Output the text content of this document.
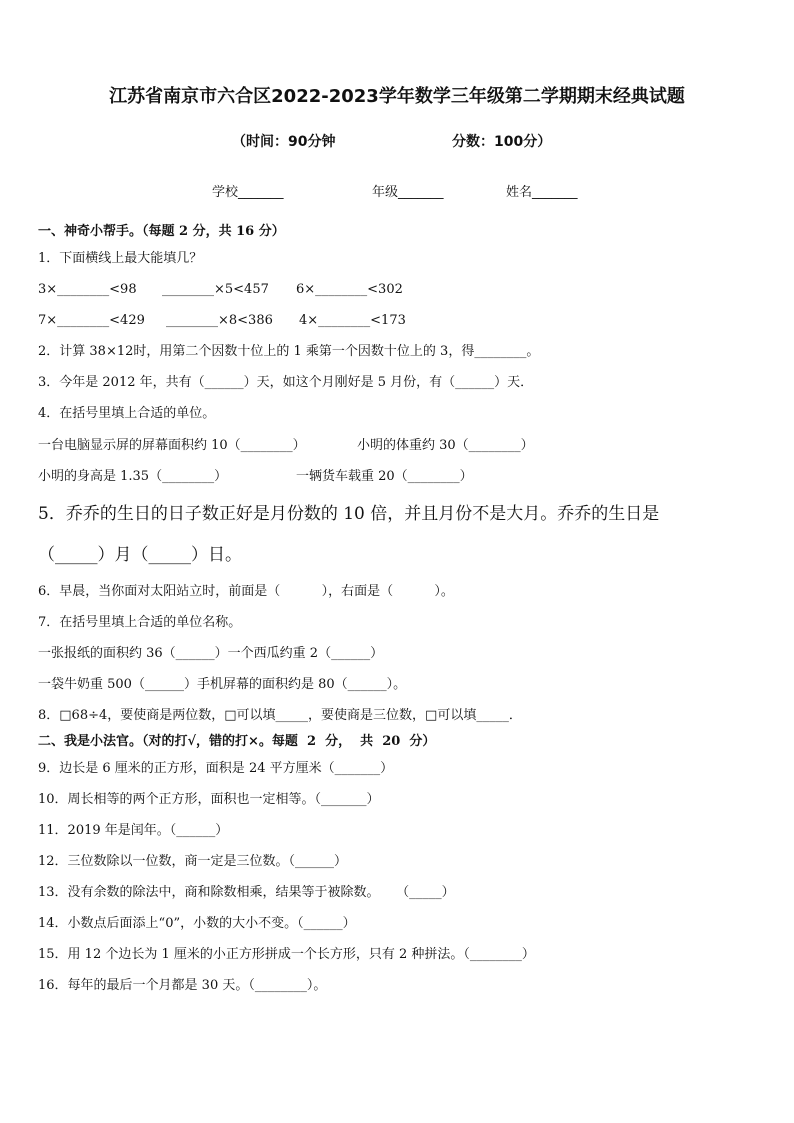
江苏省南京市六合区2022-2023学年数学三年级第二学期期末经典试题
（时间：90分钟	分数：100分）
学校_______	年级_______	姓名_______
一、神奇小帮手。（每题 2 分，共 16 分）
1．下面横线上最大能填几？
3×________<98 ________×5<457 6×________<302
7×________<429 ________×8<386 4×________<173
2．计算 38×12时，用第二个因数十位上的 1 乘第一个因数十位上的 3，得________。
3．今年是 2012 年，共有（______）天，如这个月刚好是 5 月份，有（______）天．
4．在括号里填上合适的单位。
一台电脑显示屏的屏幕面积约 10（________）	小明的体重约 30（________）
小明的身高是 1.35（________）	一辆货车载重 20（________）
5．乔乔的生日的日子数正好是月份数的 10 倍，并且月份不是大月。乔乔的生日是
（_____）月（_____）日。
6．早晨，当你面对太阳站立时，前面是（          ），右面是（          ）。
7．在括号里填上合适的单位名称。
一张报纸的面积约 36（______）一个西瓜约重 2（______）
一袋牛奶重 500（______）手机屏幕的面积约是 80（______）。
8．□68÷4，要使商是两位数，□可以填_____，要使商是三位数，□可以填_____．
二、我是小法官。（对的打√，错的打×。每题  2  分，  共  20  分）
9．边长是 6 厘米的正方形，面积是 24 平方厘米（_______）
10．周长相等的两个正方形，面积也一定相等。（_______）
11．2019 年是闰年。（______）
12．三位数除以一位数，商一定是三位数。（______）
13．没有余数的除法中，商和除数相乘，结果等于被除数。    （_____）
14．小数点后面添上“0”，小数的大小不变。（______）
15．用 12 个边长为 1 厘米的小正方形拼成一个长方形，只有 2 种拼法。（________）
16．每年的最后一个月都是 30 天。（________）。
